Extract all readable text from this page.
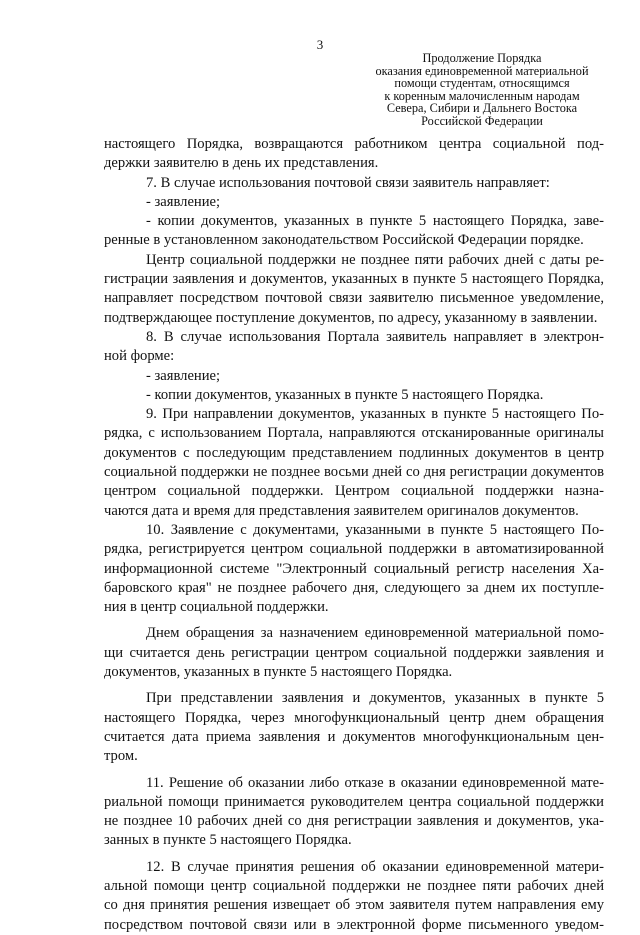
3
Продолжение Порядка
оказания единовременной материальной
помощи студентам, относящимся
к коренным малочисленным народам
Севера, Сибири и Дальнего Востока
Российской Федерации
настоящего Порядка, возвращаются работником центра социальной под-
держки заявителю в день их представления.
7. В случае использования почтовой связи заявитель направляет:
- заявление;
- копии документов, указанных в пункте 5 настоящего Порядка, заве-
ренные в установленном законодательством Российской Федерации порядке.
Центр социальной поддержки не позднее пяти рабочих дней с даты ре-
гистрации заявления и документов, указанных в пункте 5 настоящего Порядка,
направляет посредством почтовой связи заявителю письменное уведомление,
подтверждающее поступление документов, по адресу, указанному в заявлении.
8. В случае использования Портала заявитель направляет в электрон-
ной форме:
- заявление;
- копии документов, указанных в пункте 5 настоящего Порядка.
9. При направлении документов, указанных в пункте 5 настоящего По-
рядка, с использованием Портала, направляются отсканированные оригиналы
документов с последующим представлением подлинных документов в центр
социальной поддержки не позднее восьми дней со дня регистрации документов
центром социальной поддержки. Центром социальной поддержки назна-
чаются дата и время для представления заявителем оригиналов документов.
10. Заявление с документами, указанными в пункте 5 настоящего По-
рядка, регистрируется центром социальной поддержки в автоматизированной
информационной системе "Электронный социальный регистр населения Ха-
баровского края" не позднее рабочего дня, следующего за днем их поступле-
ния в центр социальной поддержки.
Днем обращения за назначением единовременной материальной помо-
щи считается день регистрации центром социальной поддержки заявления и
документов, указанных в пункте 5 настоящего Порядка.
При представлении заявления и документов, указанных в пункте 5
настоящего Порядка, через многофункциональный центр днем обращения
считается дата приема заявления и документов многофункциональным цен-
тром.
11. Решение об оказании либо отказе в оказании единовременной мате-
риальной помощи принимается руководителем центра социальной поддержки
не позднее 10 рабочих дней со дня регистрации заявления и документов, ука-
занных в пункте 5 настоящего Порядка.
12. В случае принятия решения об оказании единовременной матери-
альной помощи центр социальной поддержки не позднее пяти рабочих дней
со дня принятия решения извещает об этом заявителя путем направления ему
посредством почтовой связи или в электронной форме письменного уведом-
